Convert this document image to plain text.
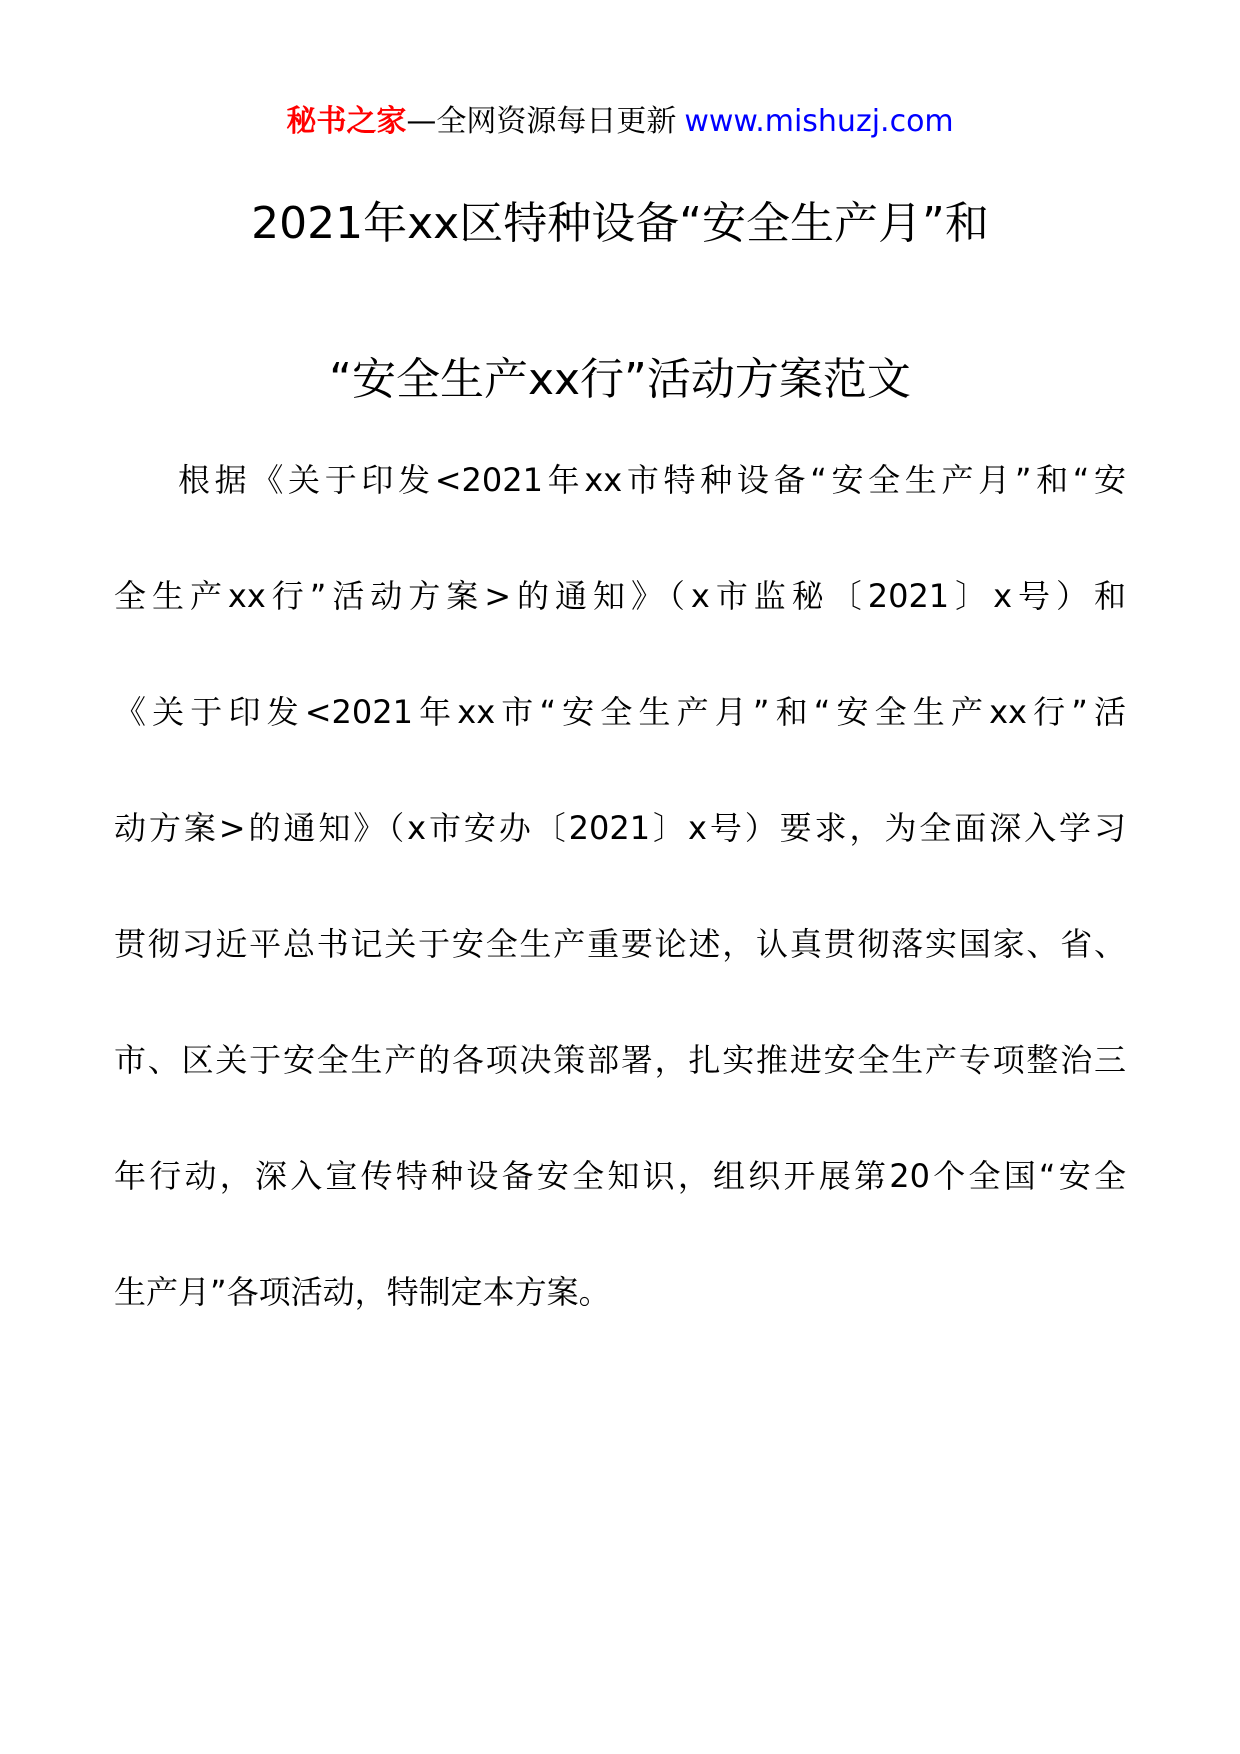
秘书之家—全网资源每日更新 www.mishuzj.com
2021年xx区特种设备“安全生产月”和
“安全生产xx行”活动方案范文
根据《关于印发<2021年xx市特种设备“安全生产月”和“安
全生产xx行”活动方案>的通知》（x市监秘〔2021〕x号）和
《关于印发<2021年xx市“安全生产月”和“安全生产xx行”活
动方案>的通知》（x市安办〔2021〕x号）要求，为全面深入学习
贯彻习近平总书记关于安全生产重要论述，认真贯彻落实国家、省、
市、区关于安全生产的各项决策部署，扎实推进安全生产专项整治三
年行动，深入宣传特种设备安全知识，组织开展第20个全国“安全
生产月”各项活动，特制定本方案。
